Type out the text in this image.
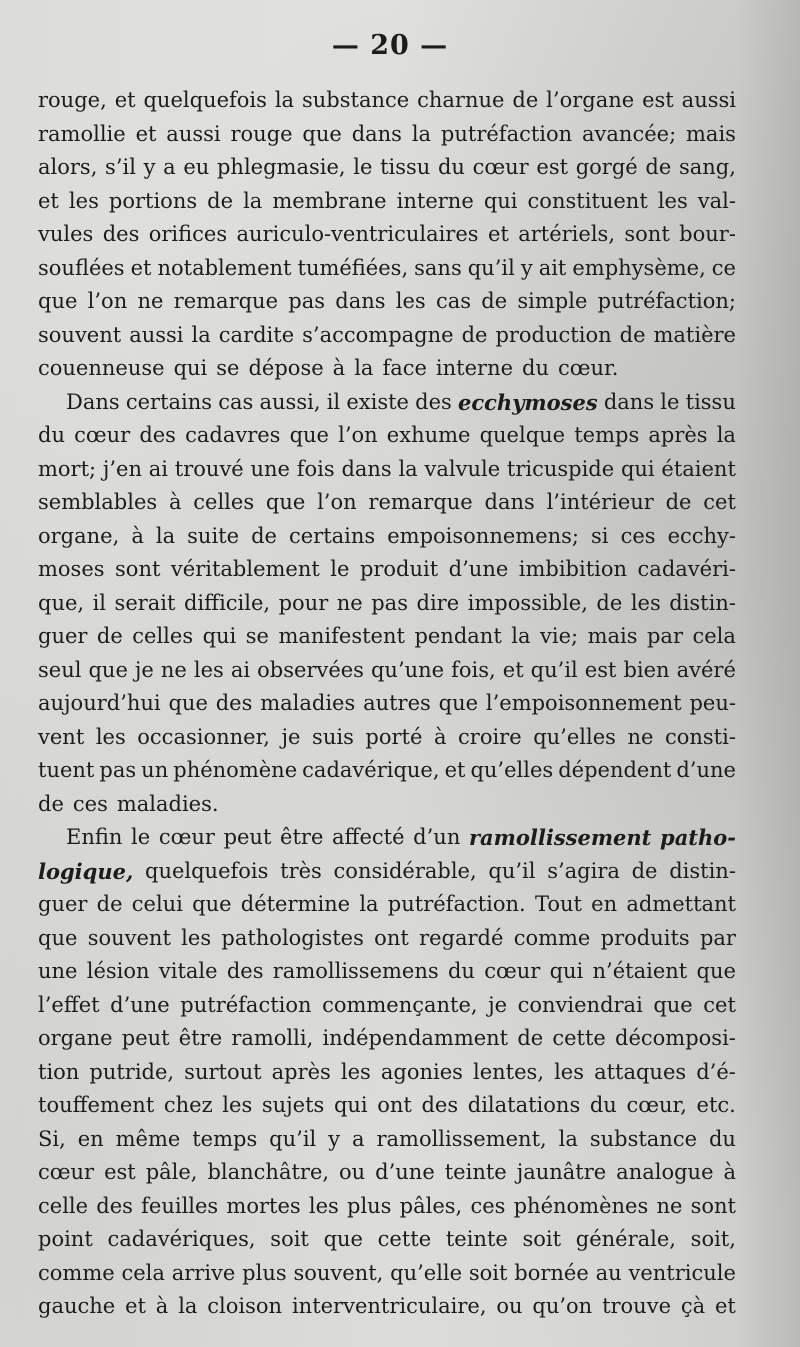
— 20 —
rouge, et quelquefois la substance charnue de l’organe est aussi
ramollie et aussi rouge que dans la putréfaction avancée; mais
alors, s’il y a eu phlegmasie, le tissu du cœur est gorgé de sang,
et les portions de la membrane interne qui constituent les val-
vules des orifices auriculo-ventriculaires et artériels, sont bour-
souflées et notablement tuméfiées, sans qu’il y ait emphysème, ce
que l’on ne remarque pas dans les cas de simple putréfaction;
souvent aussi la cardite s’accompagne de production de matière
couenneuse qui se dépose à la face interne du cœur.
Dans certains cas aussi, il existe des ecchymoses dans le tissu
du cœur des cadavres que l’on exhume quelque temps après la
mort; j’en ai trouvé une fois dans la valvule tricuspide qui étaient
semblables à celles que l’on remarque dans l’intérieur de cet
organe, à la suite de certains empoisonnemens; si ces ecchy-
moses sont véritablement le produit d’une imbibition cadavéri-
que, il serait difficile, pour ne pas dire impossible, de les distin-
guer de celles qui se manifestent pendant la vie; mais par cela
seul que je ne les ai observées qu’une fois, et qu’il est bien avéré
aujourd’hui que des maladies autres que l’empoisonnement peu-
vent les occasionner, je suis porté à croire qu’elles ne consti-
tuent pas un phénomène cadavérique, et qu’elles dépendent d’une
de ces maladies.
Enfin le cœur peut être affecté d’un ramollissement patho-
logique, quelquefois très considérable, qu’il s’agira de distin-
guer de celui que détermine la putréfaction. Tout en admettant
que souvent les pathologistes ont regardé comme produits par
une lésion vitale des ramollissemens du cœur qui n’étaient que
l’effet d’une putréfaction commençante, je conviendrai que cet
organe peut être ramolli, indépendamment de cette décomposi-
tion putride, surtout après les agonies lentes, les attaques d’é-
touffement chez les sujets qui ont des dilatations du cœur, etc.
Si, en même temps qu’il y a ramollissement, la substance du
cœur est pâle, blanchâtre, ou d’une teinte jaunâtre analogue à
celle des feuilles mortes les plus pâles, ces phénomènes ne sont
point cadavériques, soit que cette teinte soit générale, soit,
comme cela arrive plus souvent, qu’elle soit bornée au ventricule
gauche et à la cloison interventriculaire, ou qu’on trouve çà et
